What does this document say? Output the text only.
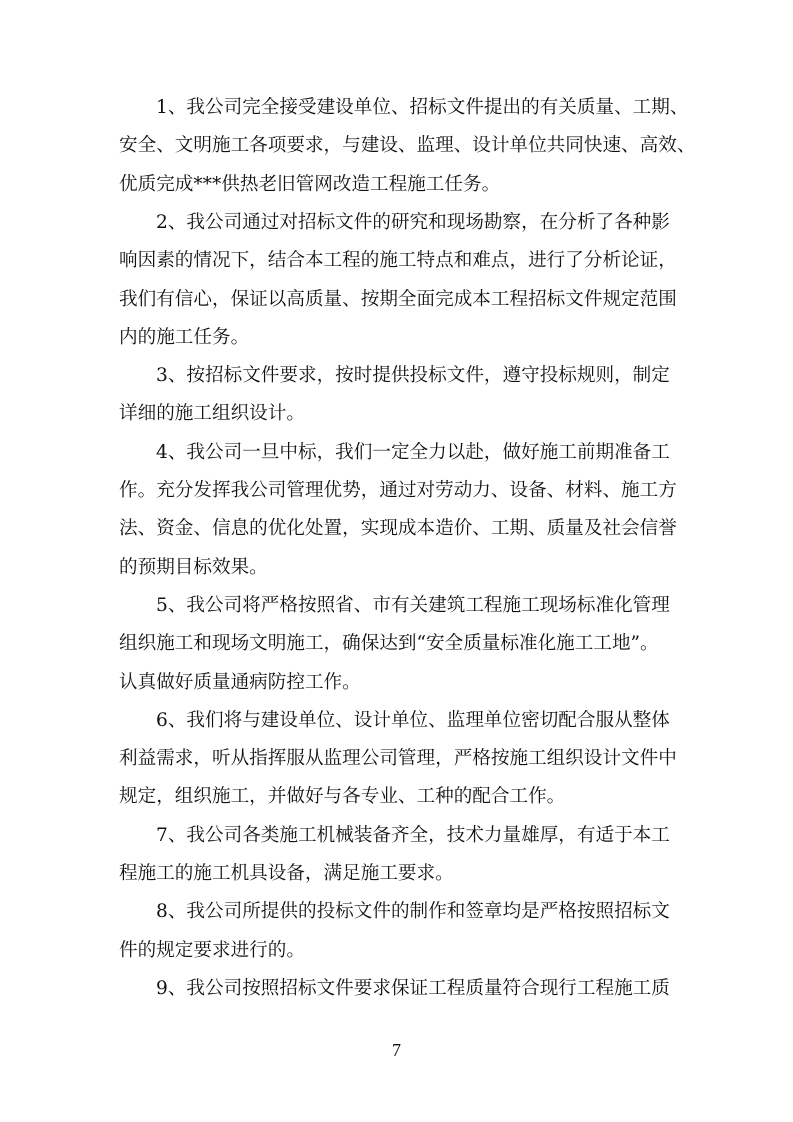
1、我公司完全接受建设单位、招标文件提出的有关质量、工期、
安全、文明施工各项要求，与建设、监理、设计单位共同快速、高效、
优质完成***供热老旧管网改造工程施工任务。
2、我公司通过对招标文件的研究和现场勘察，在分析了各种影
响因素的情况下，结合本工程的施工特点和难点，进行了分析论证，
我们有信心，保证以高质量、按期全面完成本工程招标文件规定范围
内的施工任务。
3、按招标文件要求，按时提供投标文件，遵守投标规则，制定
详细的施工组织设计。
4、我公司一旦中标，我们一定全力以赴，做好施工前期准备工
作。充分发挥我公司管理优势，通过对劳动力、设备、材料、施工方
法、资金、信息的优化处置，实现成本造价、工期、质量及社会信誉
的预期目标效果。
5、我公司将严格按照省、市有关建筑工程施工现场标准化管理
组织施工和现场文明施工，确保达到“安全质量标准化施工工地”。
认真做好质量通病防控工作。
6、我们将与建设单位、设计单位、监理单位密切配合服从整体
利益需求，听从指挥服从监理公司管理，严格按施工组织设计文件中
规定，组织施工，并做好与各专业、工种的配合工作。
7、我公司各类施工机械装备齐全，技术力量雄厚，有适于本工
程施工的施工机具设备，满足施工要求。
8、我公司所提供的投标文件的制作和签章均是严格按照招标文
件的规定要求进行的。
9、我公司按照招标文件要求保证工程质量符合现行工程施工质
7
